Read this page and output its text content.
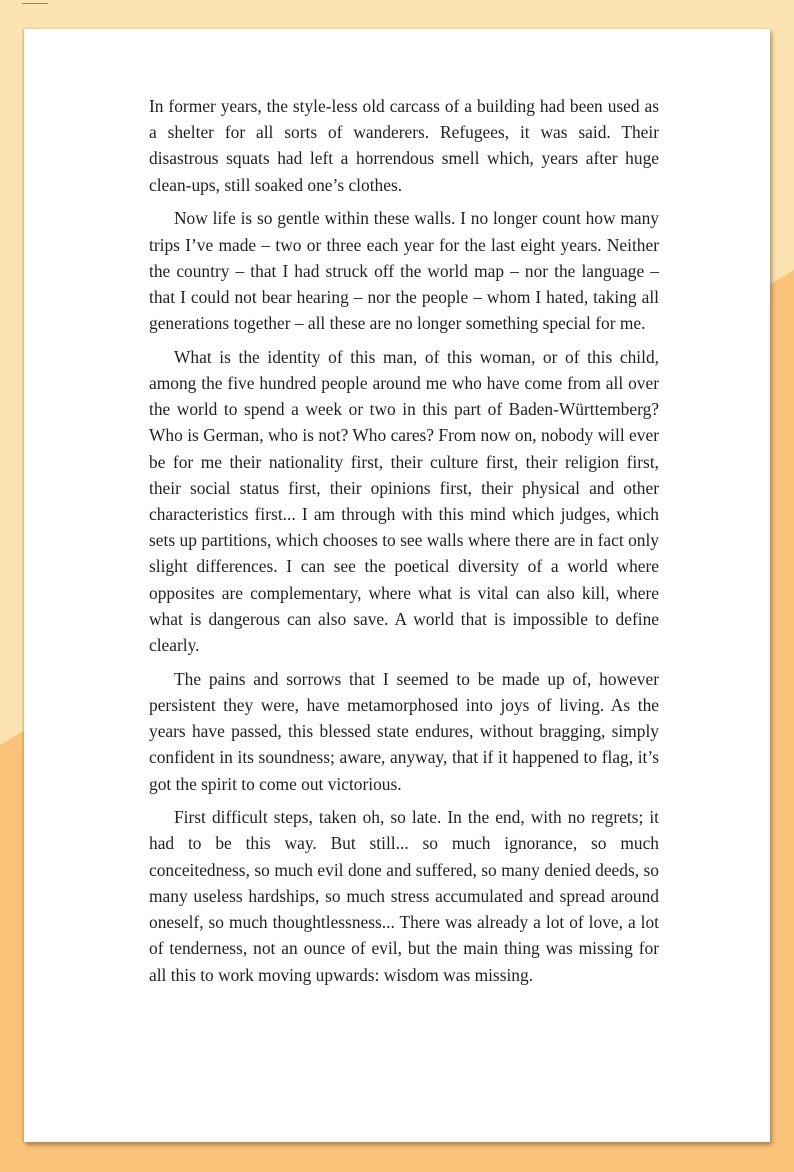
In former years, the style-less old carcass of a building had been used as a shelter for all sorts of wanderers. Refugees, it was said. Their disastrous squats had left a horrendous smell which, years after huge clean-ups, still soaked one’s clothes.

Now life is so gentle within these walls. I no longer count how many trips I’ve made – two or three each year for the last eight years. Neither the country – that I had struck off the world map – nor the language – that I could not bear hearing – nor the people – whom I hated, taking all generations together – all these are no longer something special for me.

What is the identity of this man, of this woman, or of this child, among the five hundred people around me who have come from all over the world to spend a week or two in this part of Baden-Württemberg? Who is German, who is not? Who cares? From now on, nobody will ever be for me their nationality first, their culture first, their religion first, their social status first, their opinions first, their physical and other characteristics first... I am through with this mind which judges, which sets up partitions, which chooses to see walls where there are in fact only slight differences. I can see the poetical diversity of a world where opposites are complementary, where what is vital can also kill, where what is dangerous can also save. A world that is impossible to define clearly.

The pains and sorrows that I seemed to be made up of, however persistent they were, have metamorphosed into joys of living. As the years have passed, this blessed state endures, without bragging, simply confident in its soundness; aware, anyway, that if it happened to flag, it’s got the spirit to come out victorious.

First difficult steps, taken oh, so late. In the end, with no regrets; it had to be this way. But still... so much ignorance, so much conceitedness, so much evil done and suffered, so many denied deeds, so many useless hardships, so much stress accumulated and spread around oneself, so much thoughtlessness... There was already a lot of love, a lot of tenderness, not an ounce of evil, but the main thing was missing for all this to work moving upwards: wisdom was missing.
